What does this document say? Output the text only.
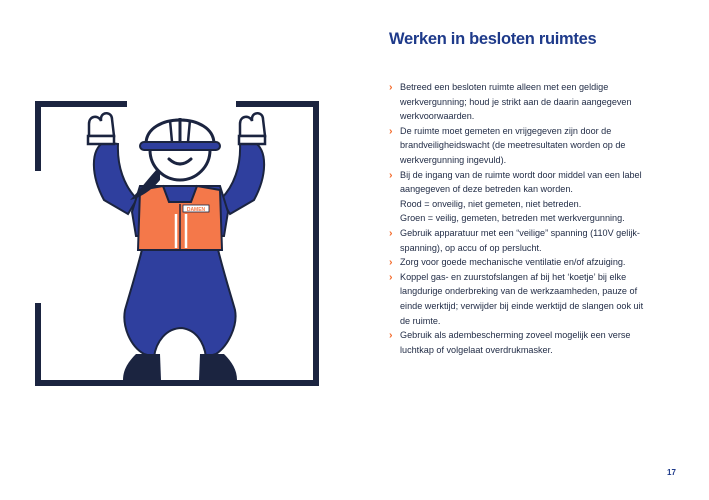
DAMEN
Werken in besloten ruimtes
› Betreed een besloten ruimte alleen met een geldige
werkvergunning; houd je strikt aan de daarin aangegeven
werkvoorwaarden.
› De ruimte moet gemeten en vrijgegeven zijn door de
brandveiligheidswacht (de meetresultaten worden op de
werkvergunning ingevuld).
› Bij de ingang van de ruimte wordt door middel van een label
aangegeven of deze betreden kan worden.
Rood = onveilig, niet gemeten, niet betreden.
Groen = veilig, gemeten, betreden met werkvergunning.
› Gebruik apparatuur met een “veilige” spanning (110V gelijk-
spanning), op accu of op perslucht.
› Zorg voor goede mechanische ventilatie en/of afzuiging.
› Koppel gas- en zuurstofslangen af bij het ‘koetje’ bij elke
langdurige onderbreking van de werkzaamheden, pauze of
einde werktijd; verwijder bij einde werktijd de slangen ook uit
de ruimte.
› Gebruik als adembescherming zoveel mogelijk een verse
luchtkap of volgelaat overdrukmasker.
17
